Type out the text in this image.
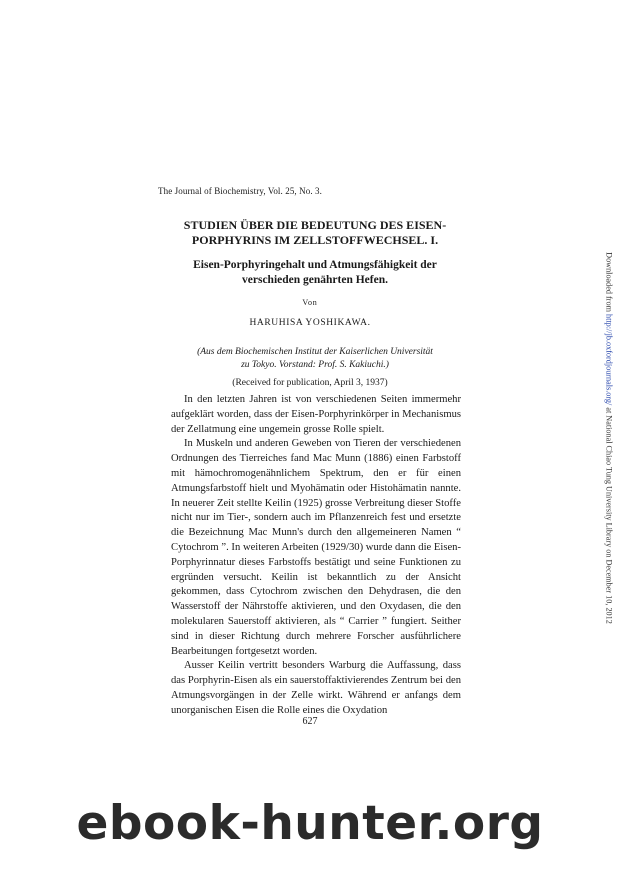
The Journal of Biochemistry, Vol. 25, No. 3.
STUDIEN ÜBER DIE BEDEUTUNG DES EISEN-
PORPHYRINS IM ZELLSTOFFWECHSEL. I.
Eisen-Porphyringehalt und Atmungsfähigkeit der
verschieden genährten Hefen.
Von
HARUHISA YOSHIKAWA.
(Aus dem Biochemischen Institut der Kaiserlichen Universität
zu Tokyo. Vorstand: Prof. S. Kakiuchi.)
(Received for publication, April 3, 1937)

In den letzten Jahren ist von verschiedenen Seiten immermehr aufgeklärt worden, dass der Eisen-Porphyrinkörper in Mechanismus der Zellatmung eine ungemein grosse Rolle spielt.

In Muskeln und anderen Geweben von Tieren der verschiedenen Ordnungen des Tierreiches fand Mac Munn (1886) einen Farbstoff mit hämochromogenähnlichem Spektrum, den er für einen Atmungsfarbstoff hielt und Myohämatin oder Histohämatin nannte. In neuerer Zeit stellte Keilin (1925) grosse Verbreitung dieser Stoffe nicht nur im Tier-, sondern auch im Pflanzenreich fest und ersetzte die Bezeichnung Mac Munn's durch den allgemeineren Namen “ Cytochrom ”. In weiteren Arbeiten (1929/30) wurde dann die Eisen-Porphyrinnatur dieses Farbstoffs bestätigt und seine Funktionen zu ergründen versucht. Keilin ist bekanntlich zu der Ansicht gekommen, dass Cytochrom zwischen den Dehydrasen, die den Wasserstoff der Nährstoffe aktivieren, und den Oxydasen, die den molekularen Sauerstoff aktivieren, als “ Carrier ” fungiert. Seither sind in dieser Richtung durch mehrere Forscher ausführlichere Bearbeitungen fortgesetzt worden.

Ausser Keilin vertritt besonders Warburg die Auffassung, dass das Porphyrin-Eisen als ein sauerstoffaktivierendes Zentrum bei den Atmungsvorgängen in der Zelle wirkt. Während er anfangs dem unorganischen Eisen die Rolle eines die Oxydation

627
Downloaded from http://jb.oxfordjournals.org/ at National Chiao Tung University Library on December 10, 2012
ebook-hunter.org
